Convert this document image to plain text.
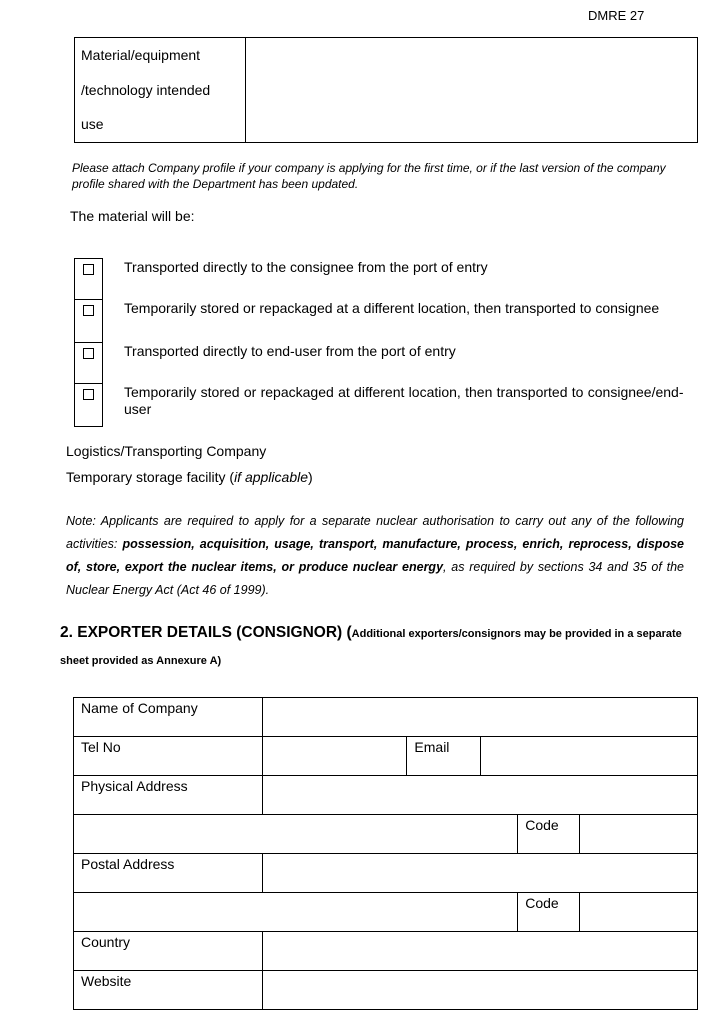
DMRE 27
Material/equipment
/technology intended
use

Please attach Company profile if your company is applying for the first time, or if the last version of the company profile shared with the Department has been updated.
The material will be:
	Transported directly to the consignee from the port of entry
	Temporarily stored or repackaged at a different location, then transported to consignee
	Transported directly to end-user from the port of entry
	Temporarily stored or repackaged at different location, then transported to consignee/end-user
Logistics/Transporting Company
Temporary storage facility (if applicable)
Note: Applicants are required to apply for a separate nuclear authorisation to carry out any of the following activities: possession, acquisition, usage, transport, manufacture, process, enrich, reprocess, dispose of, store, export the nuclear items, or produce nuclear energy, as required by sections 34 and 35 of the Nuclear Energy Act (Act 46 of 1999).
2. EXPORTER DETAILS (CONSIGNOR) (Additional exporters/consignors may be provided in a separate sheet provided as Annexure A)
Name of Company					
Tel No		Email			
Physical Address					
				Code	
Postal Address					
				Code	
Country					
Website					
